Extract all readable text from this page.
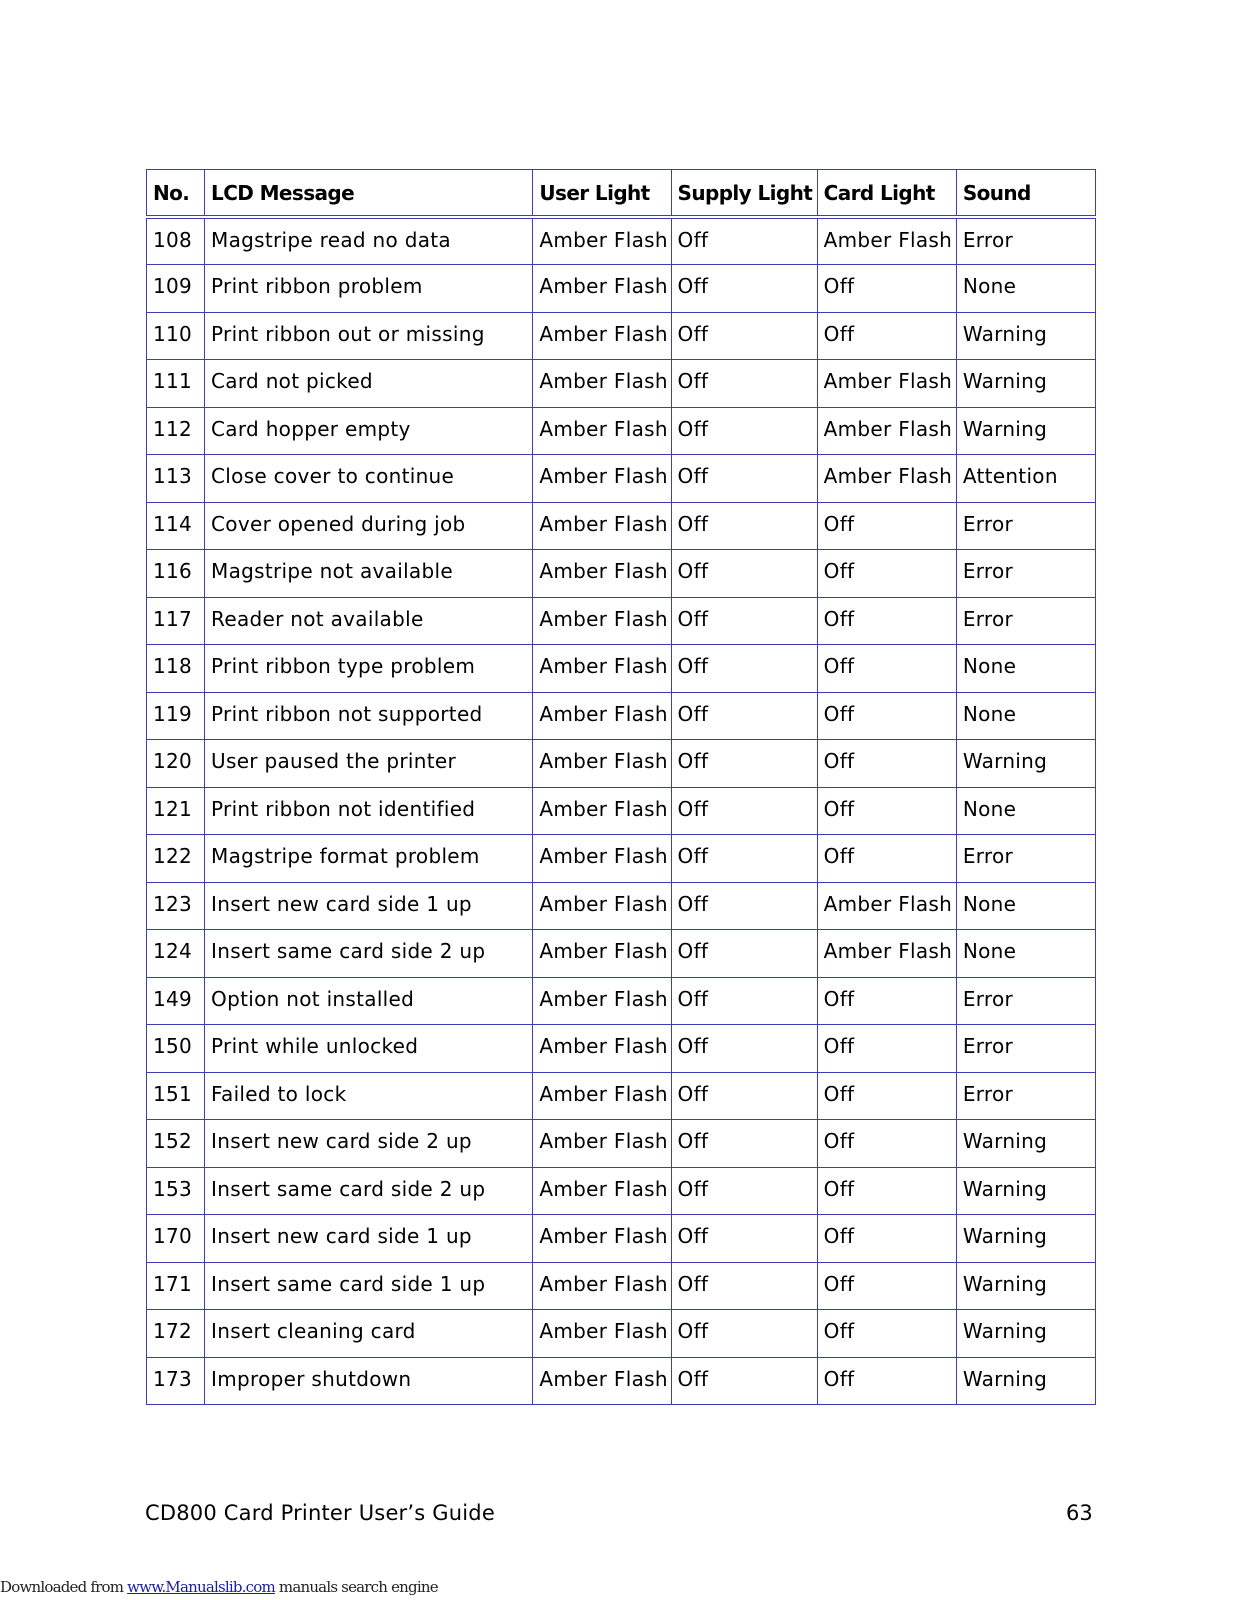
No.	LCD Message	User Light	Supply Light	Card Light	Sound
108	Magstripe read no data	Amber Flash	Off	Amber Flash	Error
109	Print ribbon problem	Amber Flash	Off	Off	None
110	Print ribbon out or missing	Amber Flash	Off	Off	Warning
111	Card not picked	Amber Flash	Off	Amber Flash	Warning
112	Card hopper empty	Amber Flash	Off	Amber Flash	Warning
113	Close cover to continue	Amber Flash	Off	Amber Flash	Attention
114	Cover opened during job	Amber Flash	Off	Off	Error
116	Magstripe not available	Amber Flash	Off	Off	Error
117	Reader not available	Amber Flash	Off	Off	Error
118	Print ribbon type problem	Amber Flash	Off	Off	None
119	Print ribbon not supported	Amber Flash	Off	Off	None
120	User paused the printer	Amber Flash	Off	Off	Warning
121	Print ribbon not identified	Amber Flash	Off	Off	None
122	Magstripe format problem	Amber Flash	Off	Off	Error
123	Insert new card side 1 up	Amber Flash	Off	Amber Flash	None
124	Insert same card side 2 up	Amber Flash	Off	Amber Flash	None
149	Option not installed	Amber Flash	Off	Off	Error
150	Print while unlocked	Amber Flash	Off	Off	Error
151	Failed to lock	Amber Flash	Off	Off	Error
152	Insert new card side 2 up	Amber Flash	Off	Off	Warning
153	Insert same card side 2 up	Amber Flash	Off	Off	Warning
170	Insert new card side 1 up	Amber Flash	Off	Off	Warning
171	Insert same card side 1 up	Amber Flash	Off	Off	Warning
172	Insert cleaning card	Amber Flash	Off	Off	Warning
173	Improper shutdown	Amber Flash	Off	Off	Warning
CD800 Card Printer User’s Guide	63
Downloaded from www.Manualslib.com manuals search engine
